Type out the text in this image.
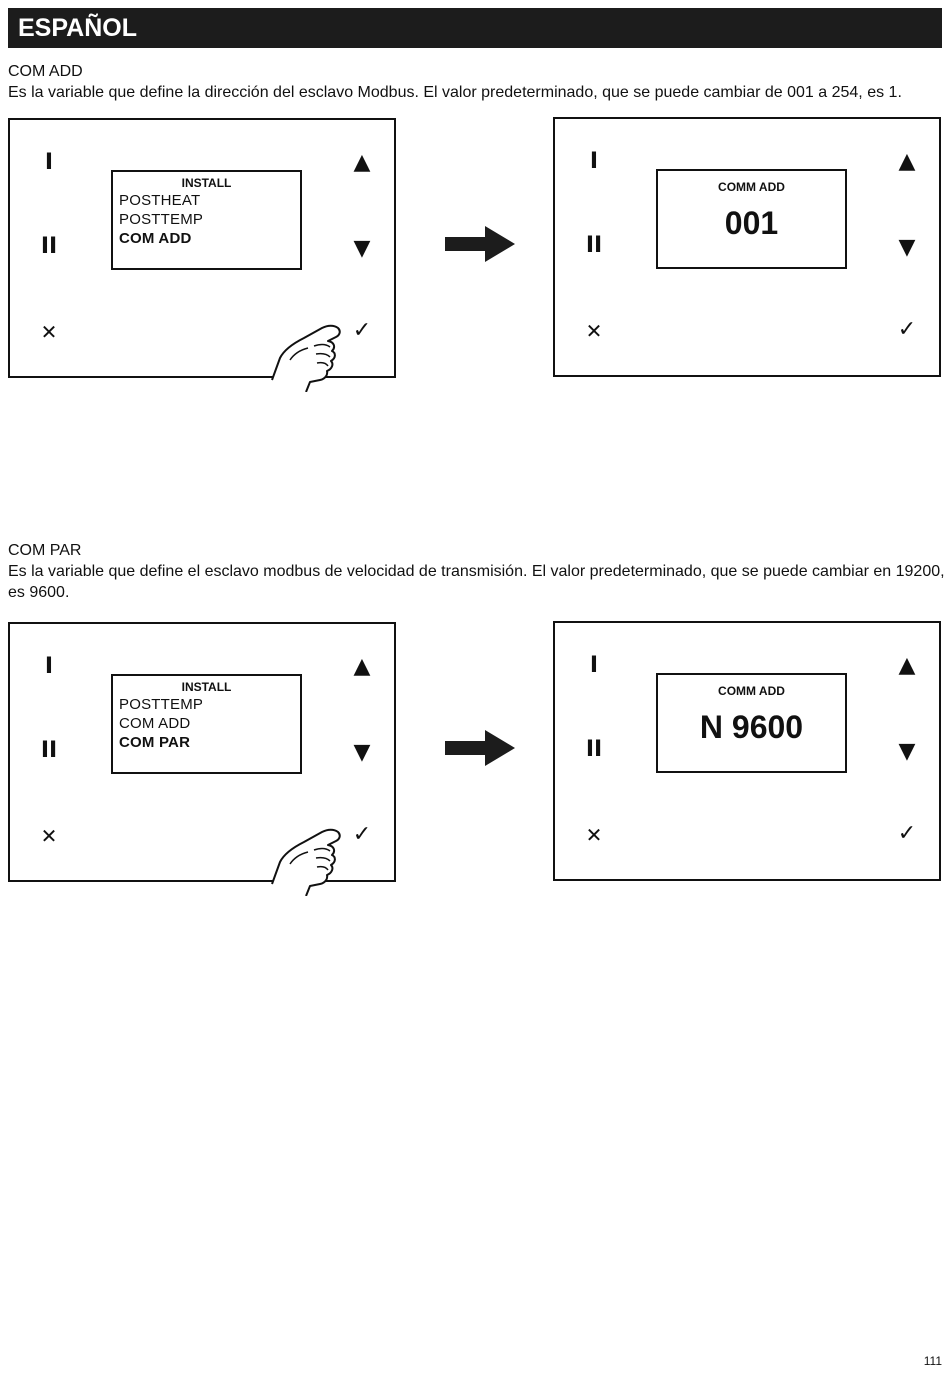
ESPAÑOL
COM ADD
Es la variable que define la dirección del esclavo Modbus. El valor predeterminado, que se puede cambiar de 001 a 254, es 1.
I
II
✕
▲
▼
✓
INSTALL
POSTHEAT
POSTTEMP
COM ADD
I
II
✕
▲
▼
✓
COMM ADD
001
COM PAR
Es la variable que define el esclavo modbus de velocidad de transmisión. El valor predeterminado, que se puede cambiar en 19200, es 9600.
I
II
✕
▲
▼
✓
INSTALL
POSTTEMP
COM ADD
COM PAR
I
II
✕
▲
▼
✓
COMM ADD
N 9600
111
